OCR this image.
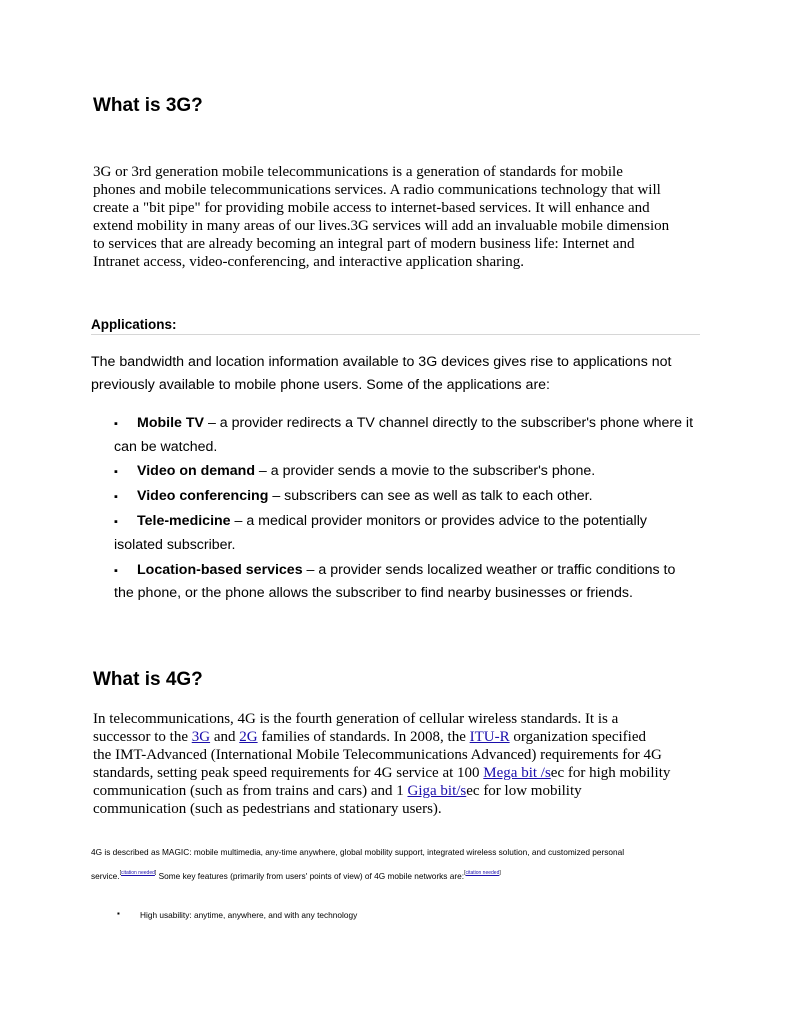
What is 3G?
3G or 3rd generation mobile telecommunications is a generation of standards for mobile
phones and mobile telecommunications services. A radio communications technology that will
create a "bit pipe" for providing mobile access to internet-based services. It will enhance and
extend mobility in many areas of our lives.3G services will add an invaluable mobile dimension
to services that are already becoming an integral part of modern business life: Internet and
Intranet access, video-conferencing, and interactive application sharing.
Applications:
The bandwidth and location information available to 3G devices gives rise to applications not
previously available to mobile phone users. Some of the applications are:
▪ Mobile TV – a provider redirects a TV channel directly to the subscriber's phone where it
can be watched.
▪ Video on demand – a provider sends a movie to the subscriber's phone.
▪ Video conferencing – subscribers can see as well as talk to each other.
▪ Tele-medicine – a medical provider monitors or provides advice to the potentially
isolated subscriber.
▪ Location-based services – a provider sends localized weather or traffic conditions to
the phone, or the phone allows the subscriber to find nearby businesses or friends.
What is 4G?
In telecommunications, 4G is the fourth generation of cellular wireless standards. It is a
successor to the 3G and 2G families of standards. In 2008, the ITU-R organization specified
the IMT-Advanced (International Mobile Telecommunications Advanced) requirements for 4G
standards, setting peak speed requirements for 4G service at 100 Mega bit /sec for high mobility
communication (such as from trains and cars) and 1 Giga bit/sec for low mobility
communication (such as pedestrians and stationary users).
4G is described as MAGIC: mobile multimedia, any-time anywhere, global mobility support, integrated wireless solution, and customized personal
service.[citation needed] Some key features (primarily from users' points of view) of 4G mobile networks are:[citation needed]
▪ High usability: anytime, anywhere, and with any technology
